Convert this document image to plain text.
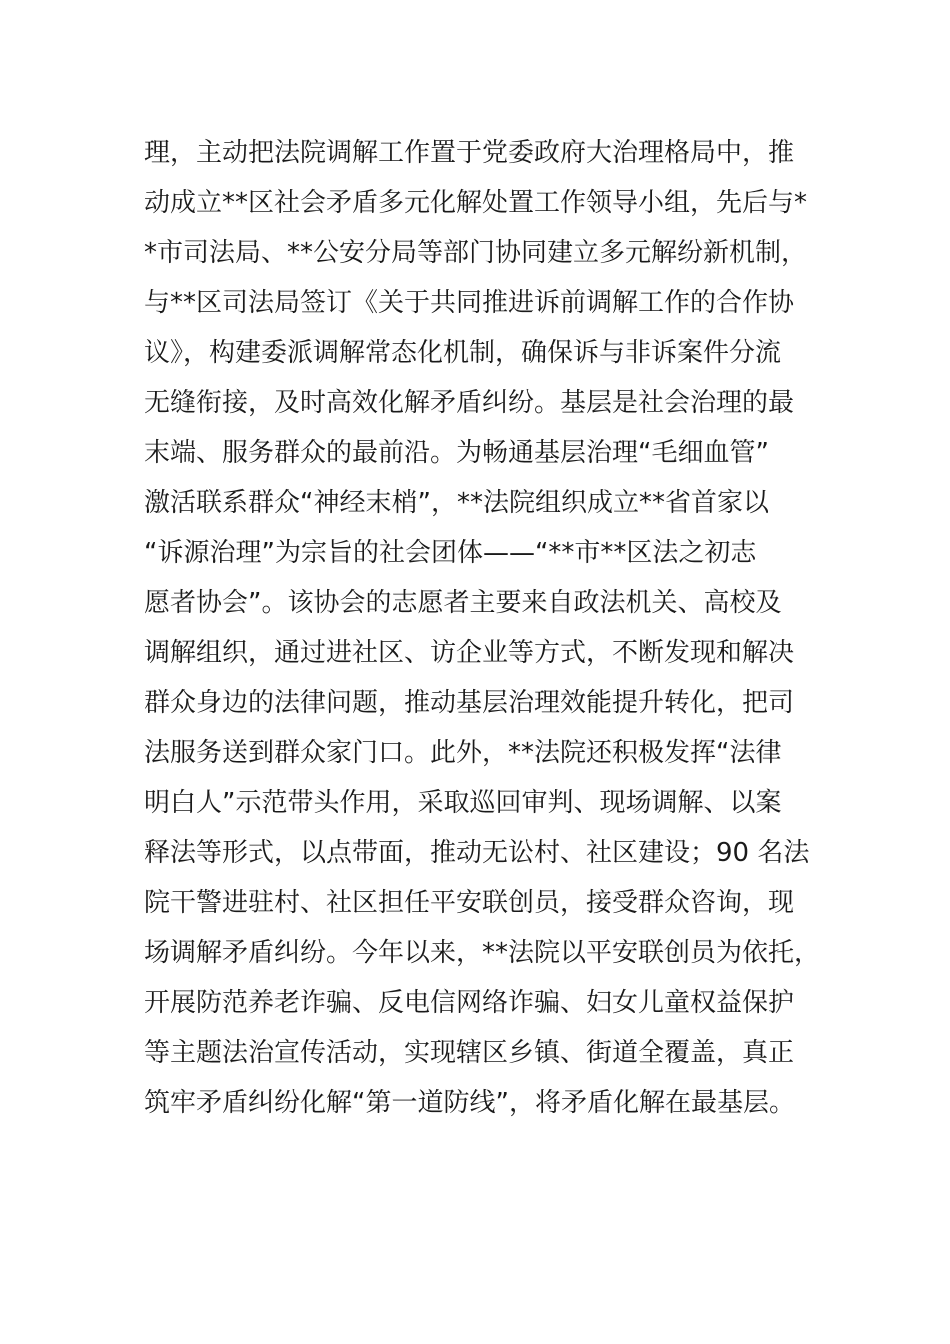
理，主动把法院调解工作置于党委政府大治理格局中，推
动成立**区社会矛盾多元化解处置工作领导小组，先后与*
*市司法局、**公安分局等部门协同建立多元解纷新机制，
与**区司法局签订《关于共同推进诉前调解工作的合作协
议》，构建委派调解常态化机制，确保诉与非诉案件分流
无缝衔接，及时高效化解矛盾纠纷。基层是社会治理的最
末端、服务群众的最前沿。为畅通基层治理“毛细血管”
激活联系群众“神经末梢”，**法院组织成立**省首家以
“诉源治理”为宗旨的社会团体——“**市**区法之初志
愿者协会”。该协会的志愿者主要来自政法机关、高校及
调解组织，通过进社区、访企业等方式，不断发现和解决
群众身边的法律问题，推动基层治理效能提升转化，把司
法服务送到群众家门口。此外，**法院还积极发挥“法律
明白人”示范带头作用，采取巡回审判、现场调解、以案
释法等形式，以点带面，推动无讼村、社区建设；90 名法
院干警进驻村、社区担任平安联创员，接受群众咨询，现
场调解矛盾纠纷。今年以来，**法院以平安联创员为依托，
开展防范养老诈骗、反电信网络诈骗、妇女儿童权益保护
等主题法治宣传活动，实现辖区乡镇、街道全覆盖，真正
筑牢矛盾纠纷化解“第一道防线”，将矛盾化解在最基层。
